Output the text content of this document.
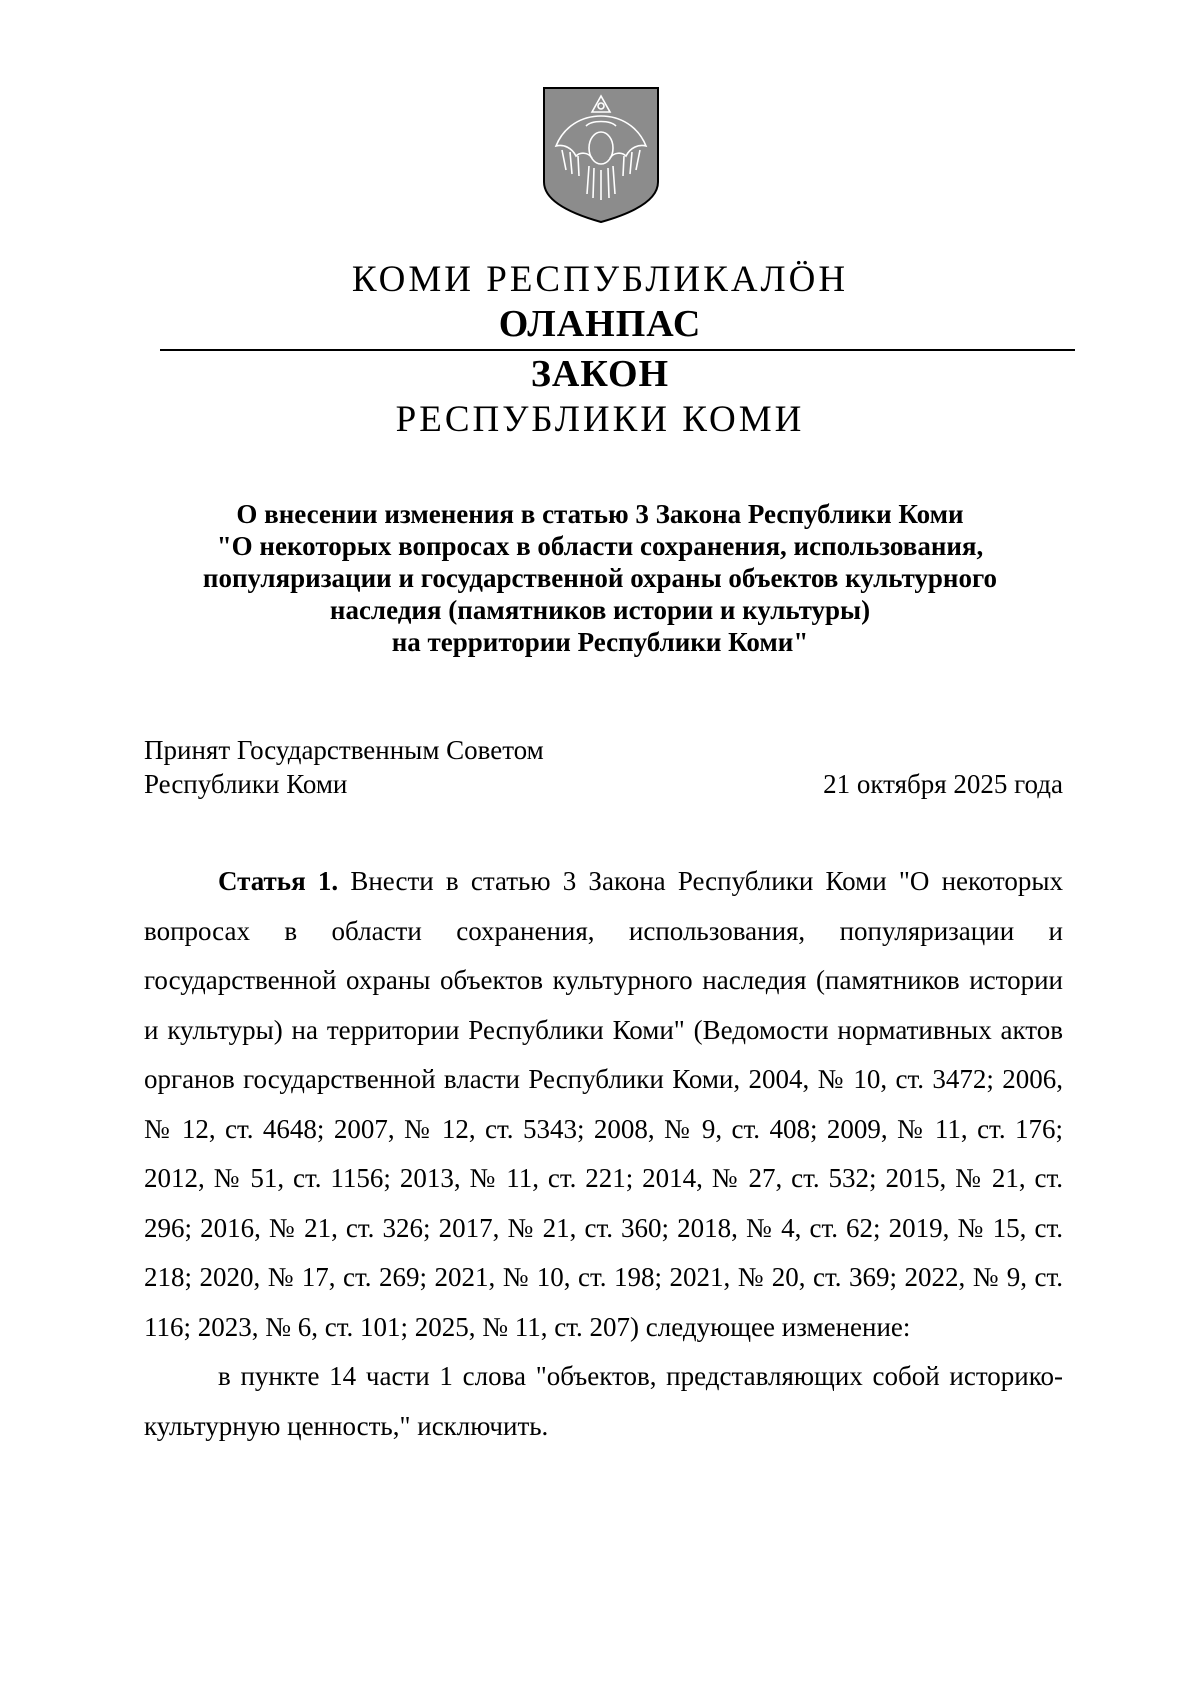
КОМИ РЕСПУБЛИКАЛӦН
ОЛАНПАС
ЗАКОН
РЕСПУБЛИКИ КОМИ
О внесении изменения в статью 3 Закона Республики Коми
"О некоторых вопросах в области сохранения, использования,
популяризации и государственной охраны объектов культурного
наследия (памятников истории и культуры)
на территории Республики Коми"
Принят Государственным Советом
Республики Коми	21 октября 2025 года

Статья 1. Внести в статью 3 Закона Республики Коми "О некоторых вопросах в области сохранения, использования, популяризации и государственной охраны объектов культурного наследия (памятников истории и культуры) на территории Республики Коми" (Ведомости нормативных актов органов государственной власти Республики Коми, 2004, № 10, ст. 3472; 2006, № 12, ст. 4648; 2007, № 12, ст. 5343; 2008, № 9, ст. 408; 2009, № 11, ст. 176; 2012, № 51, ст. 1156; 2013, № 11, ст. 221; 2014, № 27, ст. 532; 2015, № 21, ст. 296; 2016, № 21, ст. 326; 2017, № 21, ст. 360; 2018, № 4, ст. 62; 2019, № 15, ст. 218; 2020, № 17, ст. 269; 2021, № 10, ст. 198; 2021, № 20, ст. 369; 2022, № 9, ст. 116; 2023, № 6, ст. 101; 2025, № 11, ст. 207) следующее изменение:

в пункте 14 части 1 слова "объектов, представляющих собой историко-культурную ценность," исключить.
